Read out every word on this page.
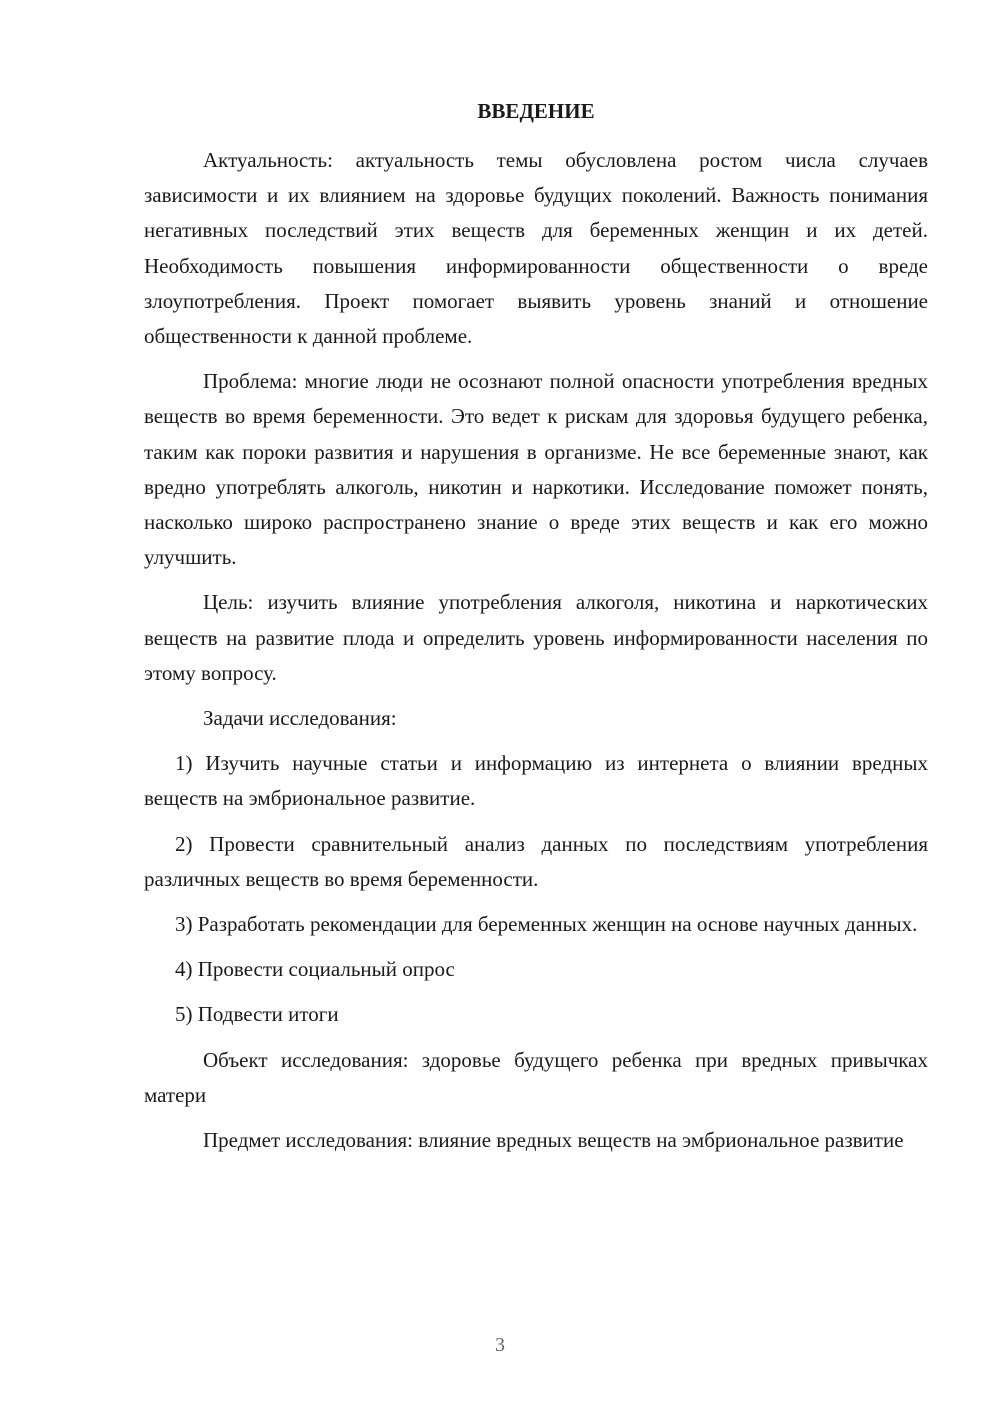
ВВЕДЕНИЕ

Актуальность: актуальность темы обусловлена ростом числа случаев зависимости и их влиянием на здоровье будущих поколений. Важность понимания негативных последствий этих веществ для беременных женщин и их детей. Необходимость повышения информированности общественности о вреде злоупотребления. Проект помогает выявить уровень знаний и отношение общественности к данной проблеме.

Проблема: многие люди не осознают полной опасности употребления вредных веществ во время беременности. Это ведет к рискам для здоровья будущего ребенка, таким как пороки развития и нарушения в организме. Не все беременные знают, как вредно употреблять алкоголь, никотин и наркотики. Исследование поможет понять, насколько широко распространено знание о вреде этих веществ и как его можно улучшить.

Цель: изучить влияние употребления алкоголя, никотина и наркотических веществ на развитие плода и определить уровень информированности населения по этому вопросу.

Задачи исследования:

1) Изучить научные статьи и информацию из интернета о влиянии вредных веществ на эмбриональное развитие.

2) Провести сравнительный анализ данных по последствиям употребления различных веществ во время беременности.

3) Разработать рекомендации для беременных женщин на основе научных данных.

4) Провести социальный опрос

5) Подвести итоги

Объект исследования: здоровье будущего ребенка при вредных привычках матери

Предмет исследования: влияние вредных веществ на эмбриональное развитие

3
